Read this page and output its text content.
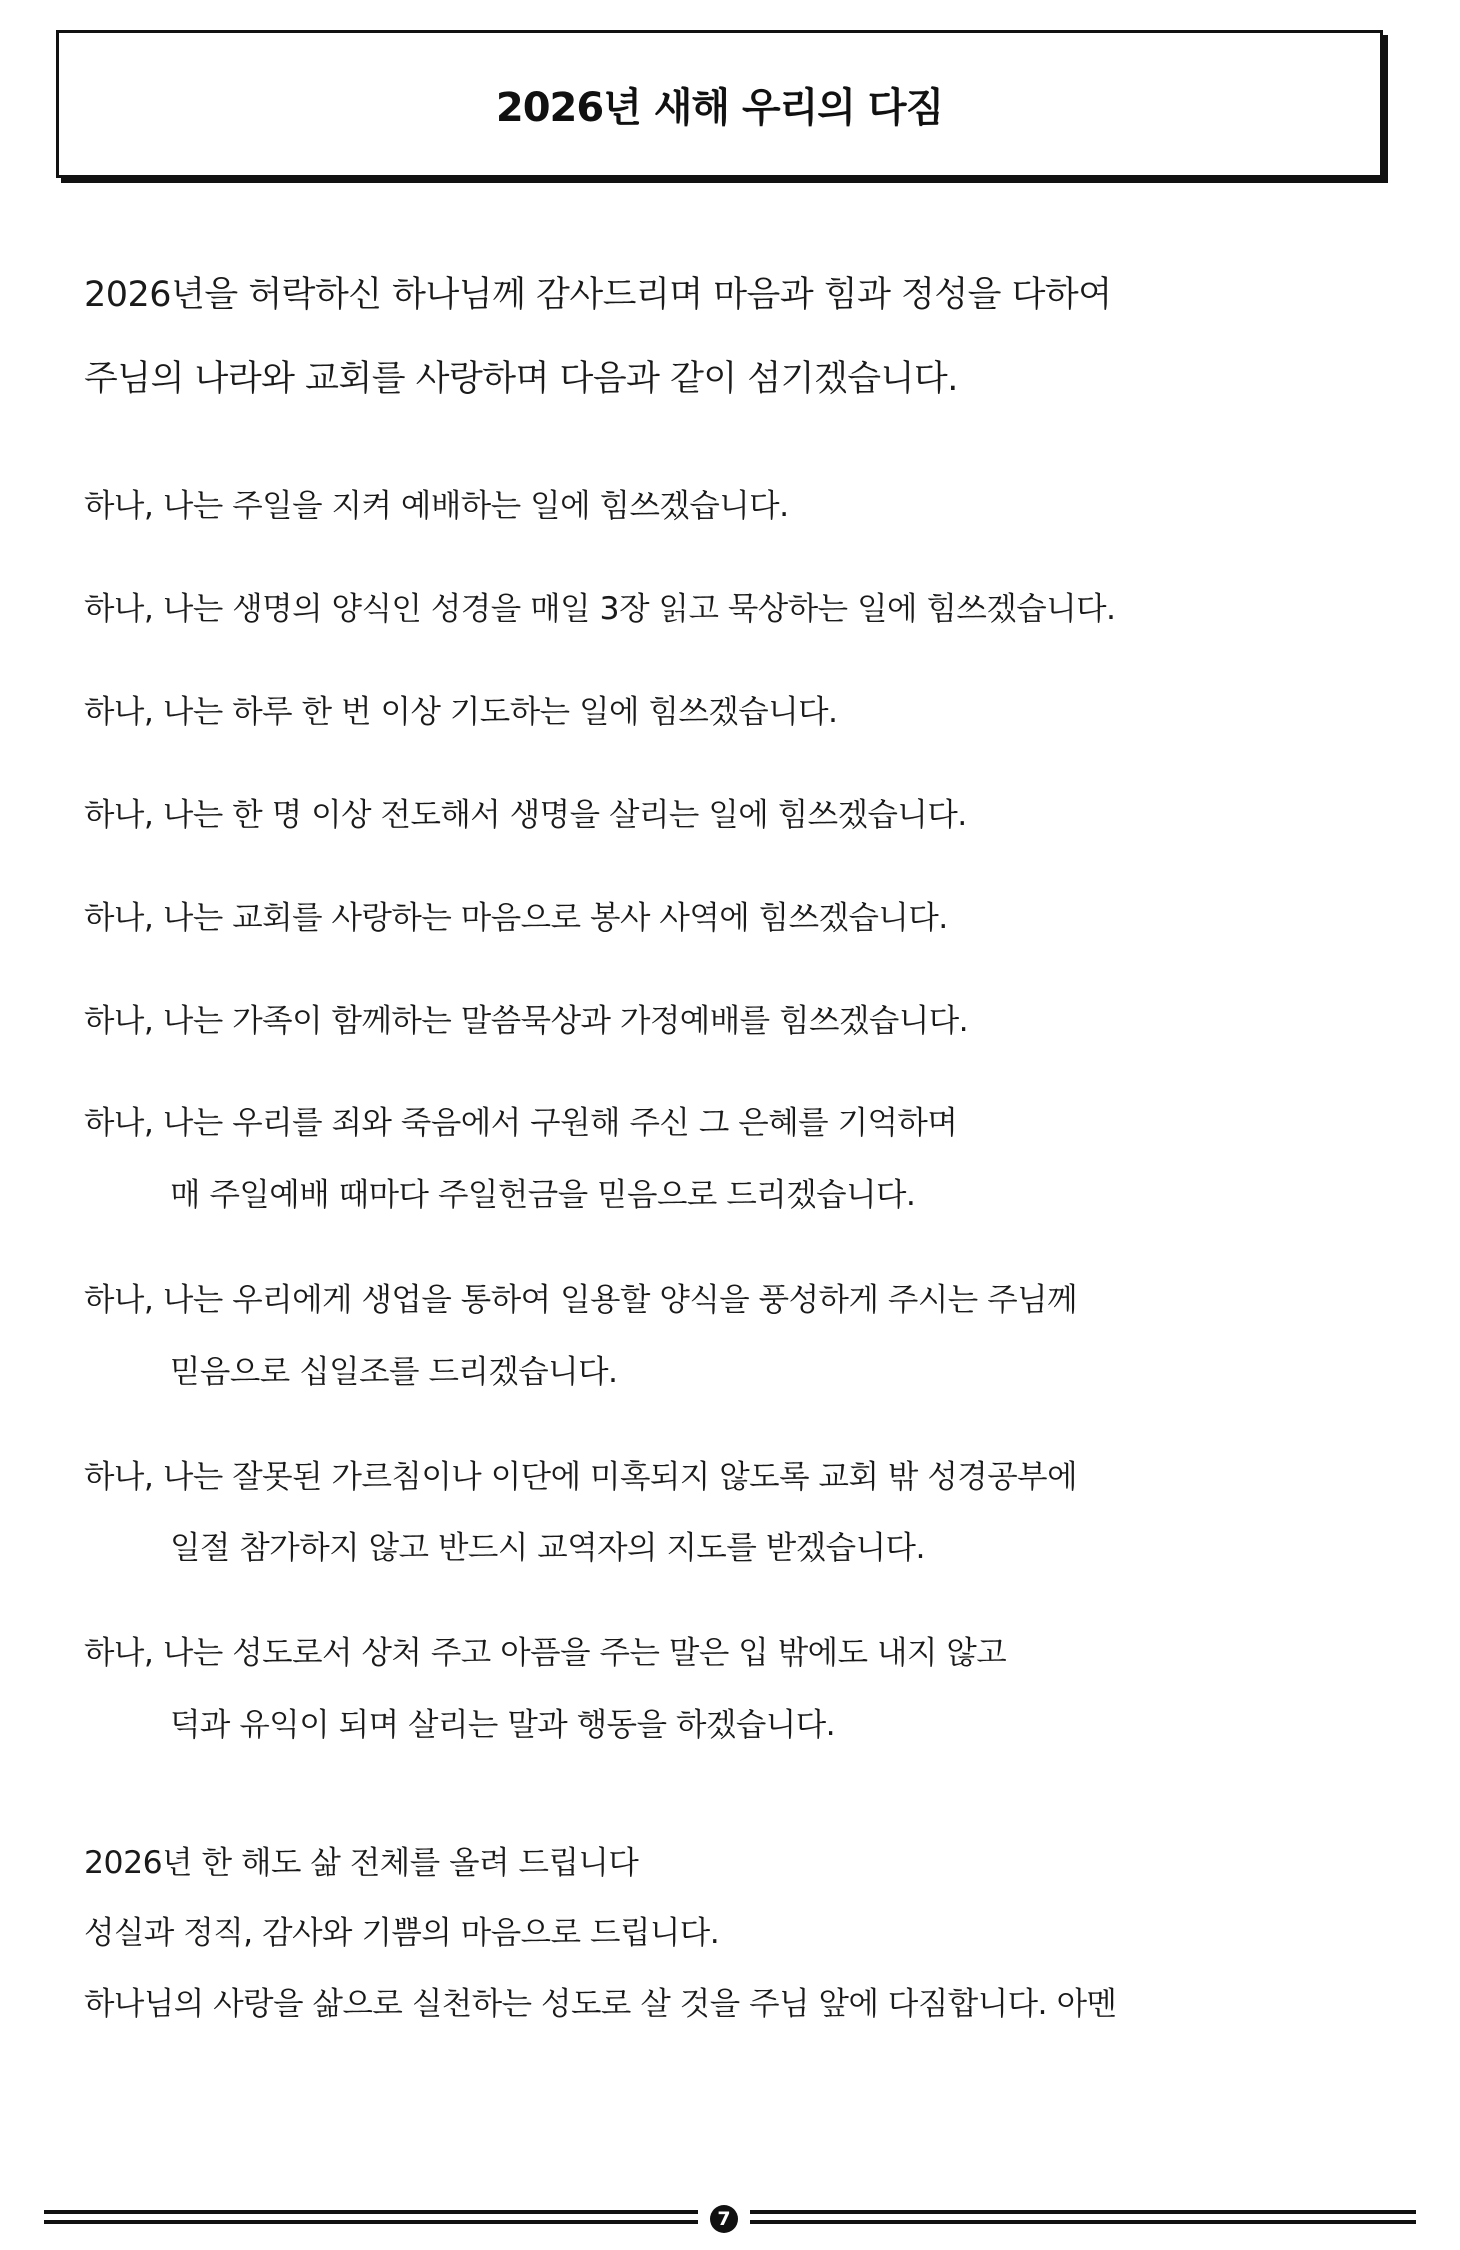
2026년 새해 우리의 다짐
2026년을 허락하신 하나님께 감사드리며 마음과 힘과 정성을 다하여
주님의 나라와 교회를 사랑하며 다음과 같이 섬기겠습니다.
하나, 나는 주일을 지켜 예배하는 일에 힘쓰겠습니다.
하나, 나는 생명의 양식인 성경을 매일 3장 읽고 묵상하는 일에 힘쓰겠습니다.
하나, 나는 하루 한 번 이상 기도하는 일에 힘쓰겠습니다.
하나, 나는 한 명 이상 전도해서 생명을 살리는 일에 힘쓰겠습니다.
하나, 나는 교회를 사랑하는 마음으로 봉사 사역에 힘쓰겠습니다.
하나, 나는 가족이 함께하는 말씀묵상과 가정예배를 힘쓰겠습니다.
하나, 나는 우리를 죄와 죽음에서 구원해 주신 그 은혜를 기억하며
매 주일예배 때마다 주일헌금을 믿음으로 드리겠습니다.
하나, 나는 우리에게 생업을 통하여 일용할 양식을 풍성하게 주시는 주님께
믿음으로 십일조를 드리겠습니다.
하나, 나는 잘못된 가르침이나 이단에 미혹되지 않도록 교회 밖 성경공부에
일절 참가하지 않고 반드시 교역자의 지도를 받겠습니다.
하나, 나는 성도로서 상처 주고 아픔을 주는 말은 입 밖에도 내지 않고
덕과 유익이 되며 살리는 말과 행동을 하겠습니다.
2026년 한 해도 삶 전체를 올려 드립니다
성실과 정직, 감사와 기쁨의 마음으로 드립니다.
하나님의 사랑을 삶으로 실천하는 성도로 살 것을 주님 앞에 다짐합니다. 아멘
7
